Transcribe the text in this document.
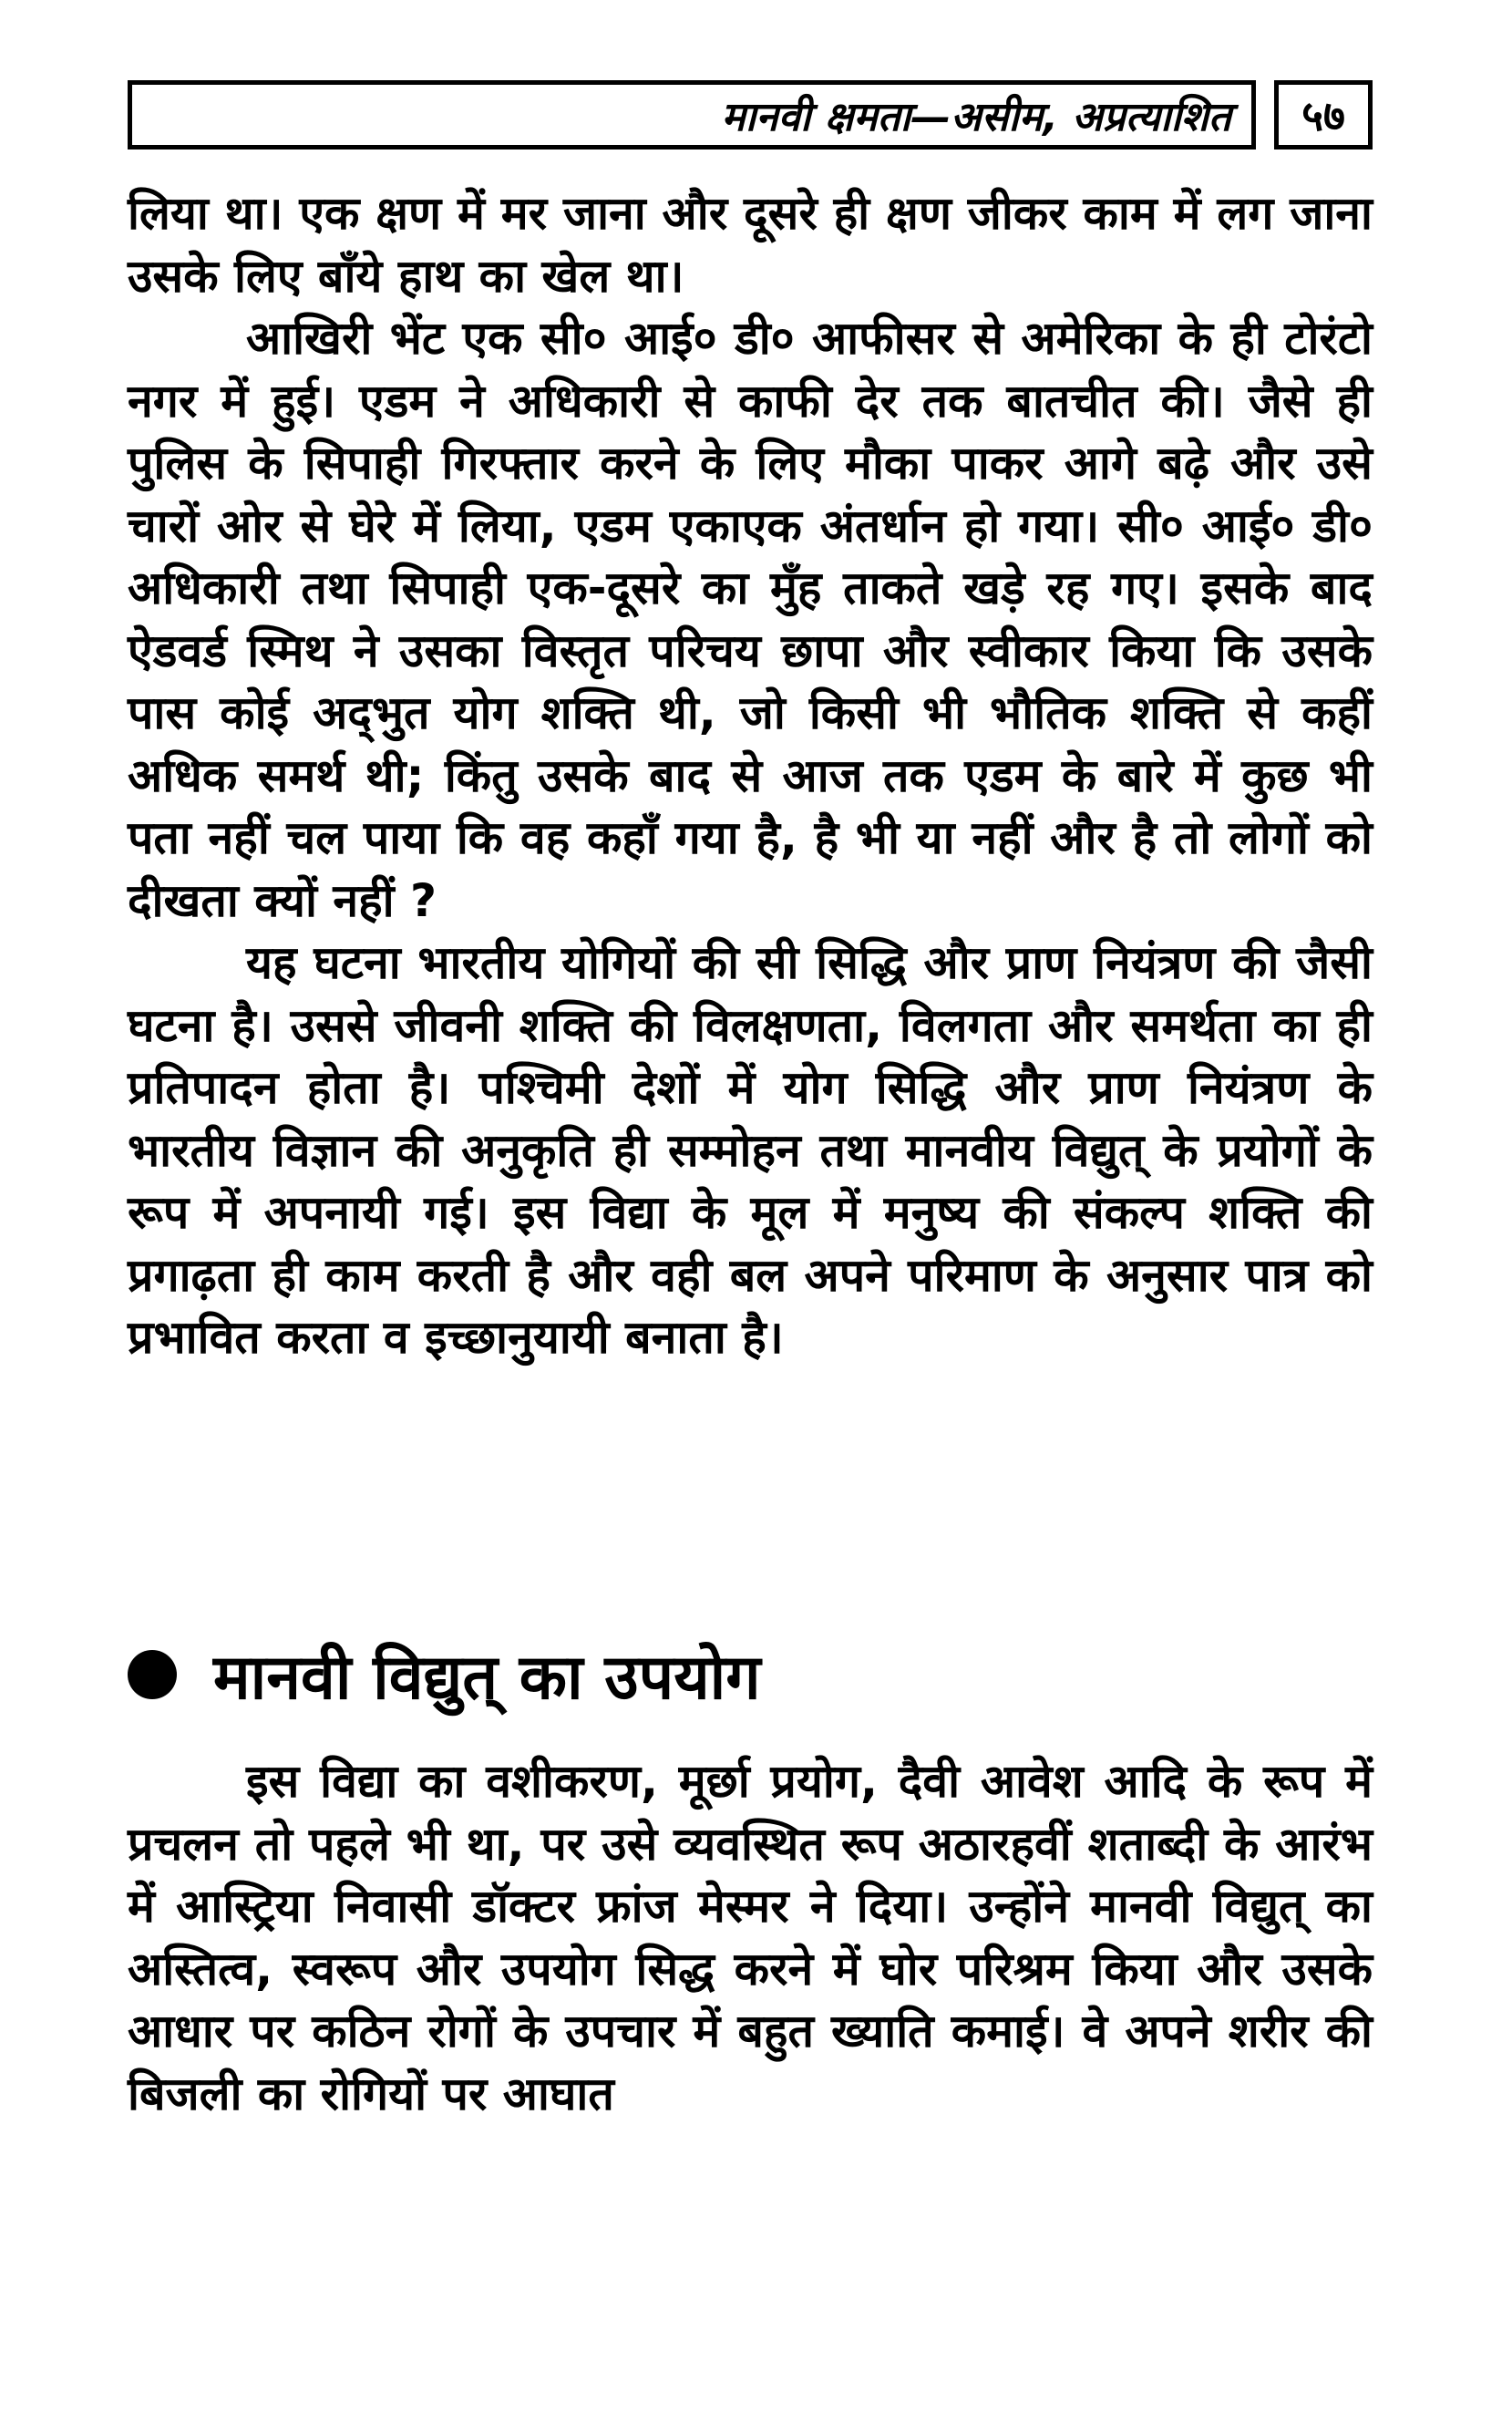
मानवी क्षमता—असीम, अप्रत्याशित ५७

लिया था। एक क्षण में मर जाना और दूसरे ही क्षण जीकर काम में लग जाना उसके लिए बाँये हाथ का खेल था।

आखिरी भेंट एक सी० आई० डी० आफीसर से अमेरिका के ही टोरंटो नगर में हुई। एडम ने अधिकारी से काफी देर तक बातचीत की। जैसे ही पुलिस के सिपाही गिरफ्तार करने के लिए मौका पाकर आगे बढ़े और उसे चारों ओर से घेरे में लिया, एडम एकाएक अंतर्धान हो गया। सी० आई० डी० अधिकारी तथा सिपाही एक-दूसरे का मुँह ताकते खड़े रह गए। इसके बाद ऐडवर्ड स्मिथ ने उसका विस्तृत परिचय छापा और स्वीकार किया कि उसके पास कोई अद्‌भुत योग शक्ति थी, जो किसी भी भौतिक शक्ति से कहीं अधिक समर्थ थी; किंतु उसके बाद से आज तक एडम के बारे में कुछ भी पता नहीं चल पाया कि वह कहाँ गया है, है भी या नहीं और है तो लोगों को दीखता क्यों नहीं ?

यह घटना भारतीय योगियों की सी सिद्धि और प्राण नियंत्रण की जैसी घटना है। उससे जीवनी शक्ति की विलक्षणता, विलगता और समर्थता का ही प्रतिपादन होता है। पश्चिमी देशों में योग सिद्धि और प्राण नियंत्रण के भारतीय विज्ञान की अनुकृति ही सम्मोहन तथा मानवीय विद्युत् के प्रयोगों के रूप में अपनायी गई। इस विद्या के मूल में मनुष्य की संकल्प शक्ति की प्रगाढ़ता ही काम करती है और वही बल अपने परिमाण के अनुसार पात्र को प्रभावित करता व इच्छानुयायी बनाता है।

मानवी विद्युत् का उपयोग

इस विद्या का वशीकरण, मूर्छा प्रयोग, दैवी आवेश आदि के रूप में प्रचलन तो पहले भी था, पर उसे व्यवस्थित रूप अठारहवीं शताब्दी के आरंभ में आस्ट्रिया निवासी डॉक्टर फ्रांज मेस्मर ने दिया। उन्होंने मानवी विद्युत् का अस्तित्व, स्वरूप और उपयोग सिद्ध करने में घोर परिश्रम किया और उसके आधार पर कठिन रोगों के उपचार में बहुत ख्याति कमाई। वे अपने शरीर की बिजली का रोगियों पर आघात
